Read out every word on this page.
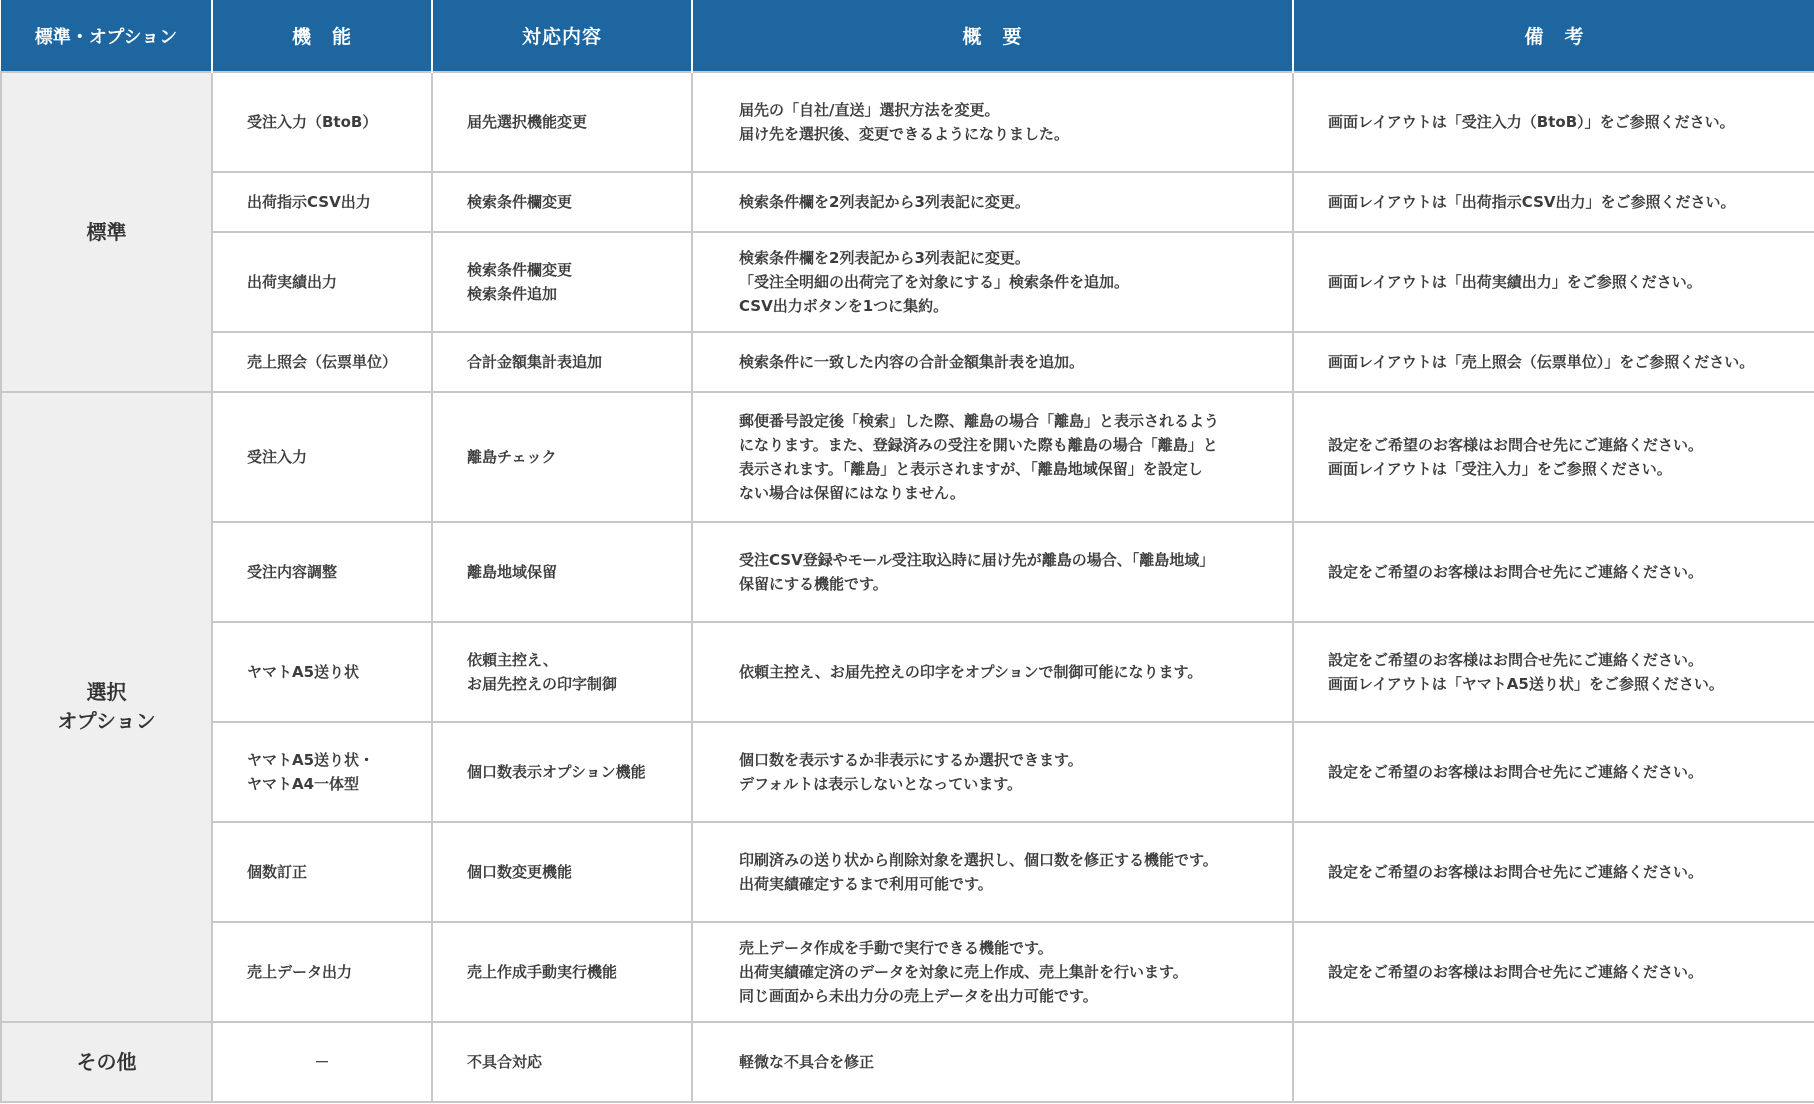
標準・オプション	機　能	対応内容	概　要	備　考

標準	受注入力（BtoB）	届先選択機能変更	届先の「自社/直送」選択方法を変更。
届け先を選択後、変更できるようになりました。	画面レイアウトは「受注入力（BtoB）」をご参照ください。

	出荷指示CSV出力	検索条件欄変更	検索条件欄を2列表記から3列表記に変更。	画面レイアウトは「出荷指示CSV出力」をご参照ください。

	出荷実績出力	検索条件欄変更
検索条件追加	検索条件欄を2列表記から3列表記に変更。
「受注全明細の出荷完了を対象にする」検索条件を追加。
CSV出力ボタンを1つに集約。	画面レイアウトは「出荷実績出力」をご参照ください。

	売上照会（伝票単位）	合計金額集計表追加	検索条件に一致した内容の合計金額集計表を追加。	画面レイアウトは「売上照会（伝票単位）」をご参照ください。

選択
オプション	受注入力	離島チェック	郵便番号設定後「検索」した際、離島の場合「離島」と表示されるよう
になります。また、登録済みの受注を開いた際も離島の場合「離島」と
表示されます。「離島」と表示されますが、「離島地域保留」を設定し
ない場合は保留にはなりません。	設定をご希望のお客様はお問合せ先にご連絡ください。
画面レイアウトは「受注入力」をご参照ください。

	受注内容調整	離島地域保留	受注CSV登録やモール受注取込時に届け先が離島の場合、「離島地域」
保留にする機能です。	設定をご希望のお客様はお問合せ先にご連絡ください。

	ヤマトA5送り状	依頼主控え、
お届先控えの印字制御	依頼主控え、お届先控えの印字をオプションで制御可能になります。	設定をご希望のお客様はお問合せ先にご連絡ください。
画面レイアウトは「ヤマトA5送り状」をご参照ください。

	ヤマトA5送り状・
ヤマトA4一体型	個口数表示オプション機能	個口数を表示するか非表示にするか選択できます。
デフォルトは表示しないとなっています。	設定をご希望のお客様はお問合せ先にご連絡ください。

	個数訂正	個口数変更機能	印刷済みの送り状から削除対象を選択し、個口数を修正する機能です。
出荷実績確定するまで利用可能です。	設定をご希望のお客様はお問合せ先にご連絡ください。

	売上データ出力	売上作成手動実行機能	売上データ作成を手動で実行できる機能です。
出荷実績確定済のデータを対象に売上作成、売上集計を行います。
同じ画面から未出力分の売上データを出力可能です。	設定をご希望のお客様はお問合せ先にご連絡ください。

その他	－	不具合対応	軽微な不具合を修正	
